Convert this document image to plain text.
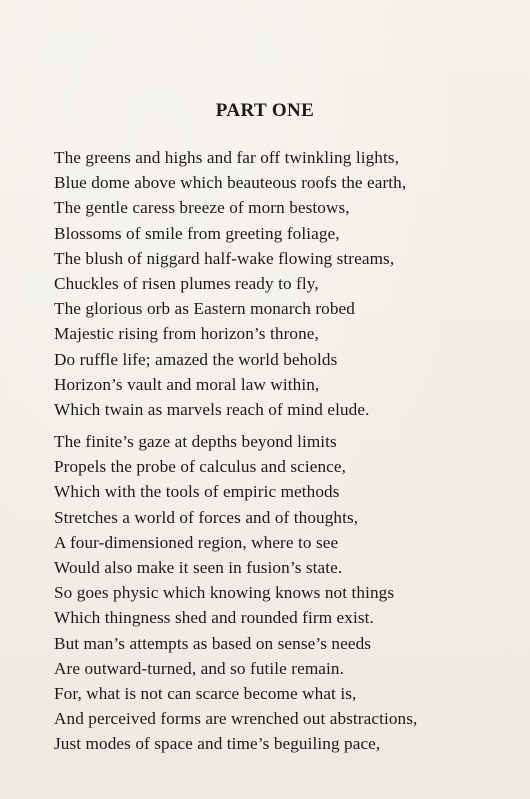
PART ONE
The greens and highs and far off twinkling lights,
Blue dome above which beauteous roofs the earth,
The gentle caress breeze of morn bestows,
Blossoms of smile from greeting foliage,
The blush of niggard half-wake flowing streams,
Chuckles of risen plumes ready to fly,
The glorious orb as Eastern monarch robed
Majestic rising from horizon’s throne,
Do ruffle life; amazed the world beholds
Horizon’s vault and moral law within,
Which twain as marvels reach of mind elude.
The finite’s gaze at depths beyond limits
Propels the probe of calculus and science,
Which with the tools of empiric methods
Stretches a world of forces and of thoughts,
A four-dimensioned region, where to see
Would also make it seen in fusion’s state.
So goes physic which knowing knows not things
Which thingness shed and rounded firm exist.
But man’s attempts as based on sense’s needs
Are outward-turned, and so futile remain.
For, what is not can scarce become what is,
And perceived forms are wrenched out abstractions,
Just modes of space and time’s beguiling pace,
